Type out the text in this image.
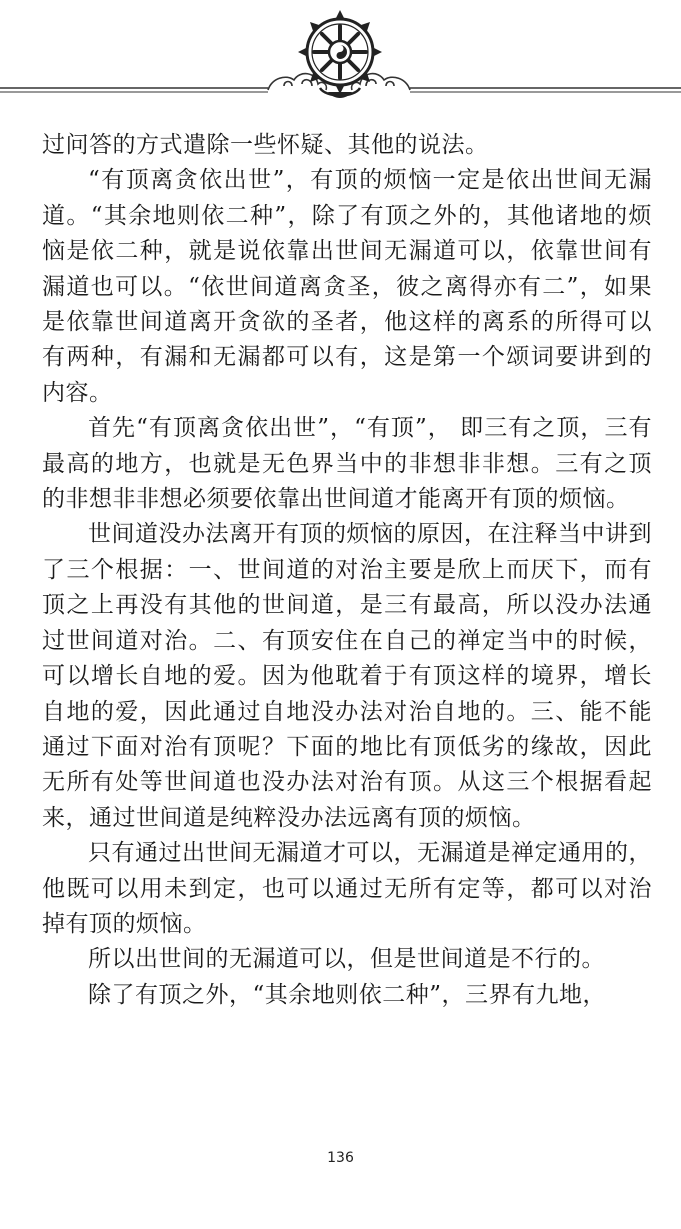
过问答的方式遣除一些怀疑、其他的说法。

“有顶离贪依出世”，有顶的烦恼一定是依出世间无漏道。“其余地则依二种”，除了有顶之外的，其他诸地的烦恼是依二种，就是说依靠出世间无漏道可以，依靠世间有漏道也可以。“依世间道离贪圣，彼之离得亦有二”，如果是依靠世间道离开贪欲的圣者，他这样的离系的所得可以有两种，有漏和无漏都可以有，这是第一个颂词要讲到的内容。

首先“有顶离贪依出世”，“有顶”， 即三有之顶，三有最高的地方，也就是无色界当中的非想非非想。三有之顶的非想非非想必须要依靠出世间道才能离开有顶的烦恼。

世间道没办法离开有顶的烦恼的原因，在注释当中讲到了三个根据：一、世间道的对治主要是欣上而厌下，而有顶之上再没有其他的世间道，是三有最高，所以没办法通过世间道对治。二、有顶安住在自己的禅定当中的时候，可以增长自地的爱。因为他耽着于有顶这样的境界，增长自地的爱，因此通过自地没办法对治自地的。三、能不能通过下面对治有顶呢？下面的地比有顶低劣的缘故，因此无所有处等世间道也没办法对治有顶。从这三个根据看起来，通过世间道是纯粹没办法远离有顶的烦恼。

只有通过出世间无漏道才可以，无漏道是禅定通用的，他既可以用未到定，也可以通过无所有定等，都可以对治掉有顶的烦恼。

所以出世间的无漏道可以，但是世间道是不行的。

除了有顶之外，“其余地则依二种”，三界有九地，

136
